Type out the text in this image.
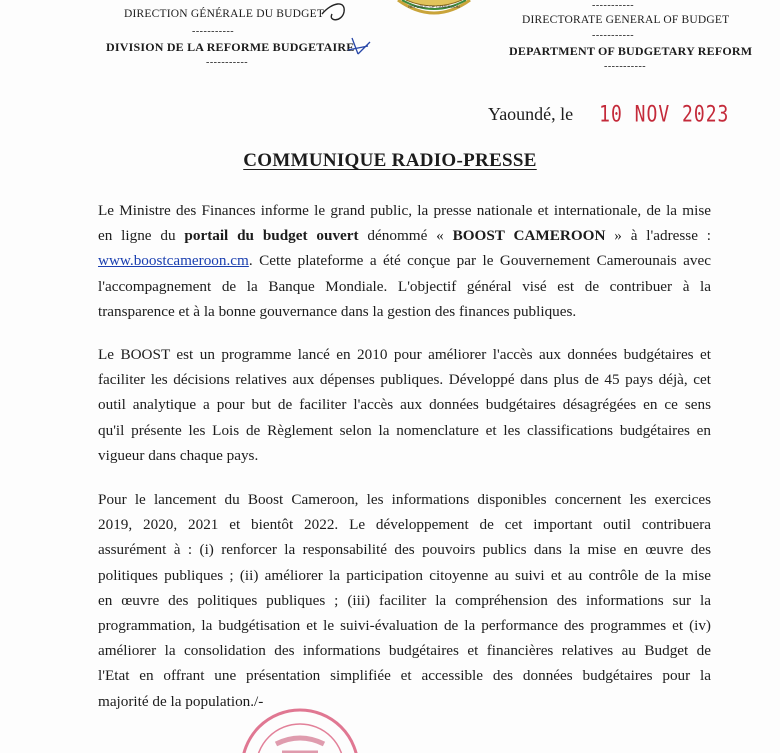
DIRECTION GÉNÉRALE DU BUDGET
-----------
DIVISION DE LA REFORME BUDGETAIRE
-----------
REPUBLIC OF CAMEROON	-----------
DIRECTORATE GENERAL OF BUDGET
-----------
DEPARTMENT OF BUDGETARY REFORM
-----------
Yaoundé, le 10 NOV 2023
COMMUNIQUE RADIO-PRESSE
Le Ministre des Finances informe le grand public, la presse nationale et internationale, de la mise
en ligne du portail du budget ouvert dénommé « BOOST CAMEROON » à l'adresse :
www.boostcameroon.cm. Cette plateforme a été conçue par le Gouvernement Camerounais avec
l'accompagnement de la Banque Mondiale. L'objectif général visé est de contribuer à la
transparence et à la bonne gouvernance dans la gestion des finances publiques.
Le BOOST est un programme lancé en 2010 pour améliorer l'accès aux données budgétaires et
faciliter les décisions relatives aux dépenses publiques. Développé dans plus de 45 pays déjà, cet
outil analytique a pour but de faciliter l'accès aux données budgétaires désagrégées en ce sens
qu'il présente les Lois de Règlement selon la nomenclature et les classifications budgétaires en
vigueur dans chaque pays.
Pour le lancement du Boost Cameroon, les informations disponibles concernent les exercices
2019, 2020, 2021 et bientôt 2022. Le développement de cet important outil contribuera
assurément à : (i) renforcer la responsabilité des pouvoirs publics dans la mise en œuvre des
politiques publiques ; (ii) améliorer la participation citoyenne au suivi et au contrôle de la mise
en œuvre des politiques publiques ; (iii) faciliter la compréhension des informations sur la
programmation, la budgétisation et le suivi-évaluation de la performance des programmes et (iv)
améliorer la consolidation des informations budgétaires et financières relatives au Budget de
l'Etat en offrant une présentation simplifiée et accessible des données budgétaires pour la
majorité de la population./-
